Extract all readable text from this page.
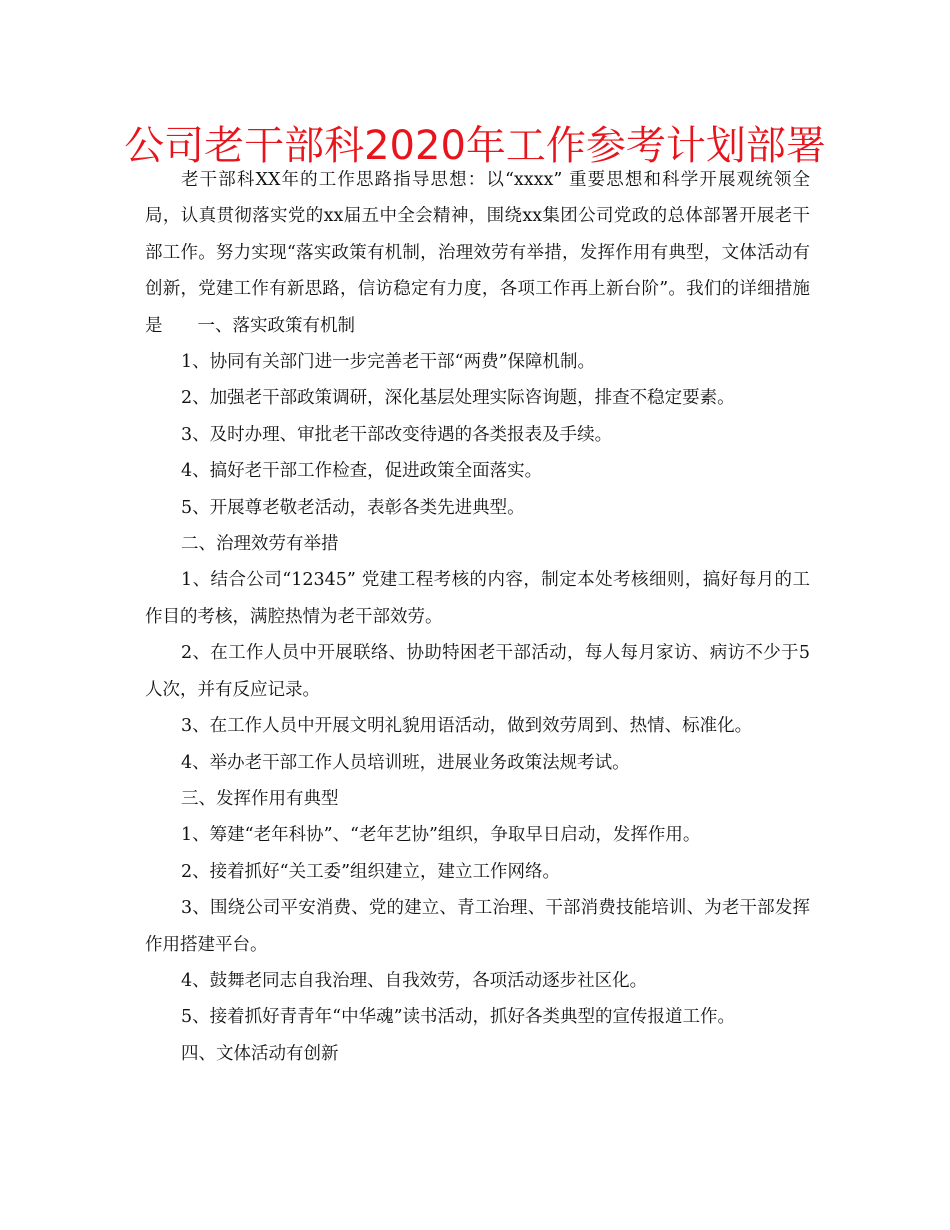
公司老干部科2020年工作参考计划部署

老干部科XX年的工作思路指导思想：以“xxxx” 重要思想和科学开展观统领全局，认真贯彻落实党的xx届五中全会精神，围绕xx集团公司党政的总体部署开展老干部工作。努力实现“落实政策有机制，治理效劳有举措，发挥作用有典型，文体活动有创新，党建工作有新思路，信访稳定有力度，各项工作再上新台阶”。我们的详细措施是　　一、落实政策有机制

1、协同有关部门进一步完善老干部“两费”保障机制。

2、加强老干部政策调研，深化基层处理实际咨询题，排查不稳定要素。

3、及时办理、审批老干部改变待遇的各类报表及手续。

4、搞好老干部工作检查，促进政策全面落实。

5、开展尊老敬老活动，表彰各类先进典型。

二、治理效劳有举措

1、结合公司“12345” 党建工程考核的内容，制定本处考核细则，搞好每月的工作目的考核，满腔热情为老干部效劳。

2、在工作人员中开展联络、协助特困老干部活动，每人每月家访、病访不少于5人次，并有反应记录。

3、在工作人员中开展文明礼貌用语活动，做到效劳周到、热情、标准化。

4、举办老干部工作人员培训班，进展业务政策法规考试。

三、发挥作用有典型

1、筹建“老年科协”、“老年艺协”组织，争取早日启动，发挥作用。

2、接着抓好“关工委”组织建立，建立工作网络。

3、围绕公司平安消费、党的建立、青工治理、干部消费技能培训、为老干部发挥作用搭建平台。

4、鼓舞老同志自我治理、自我效劳，各项活动逐步社区化。

5、接着抓好青青年“中华魂”读书活动，抓好各类典型的宣传报道工作。

四、文体活动有创新
